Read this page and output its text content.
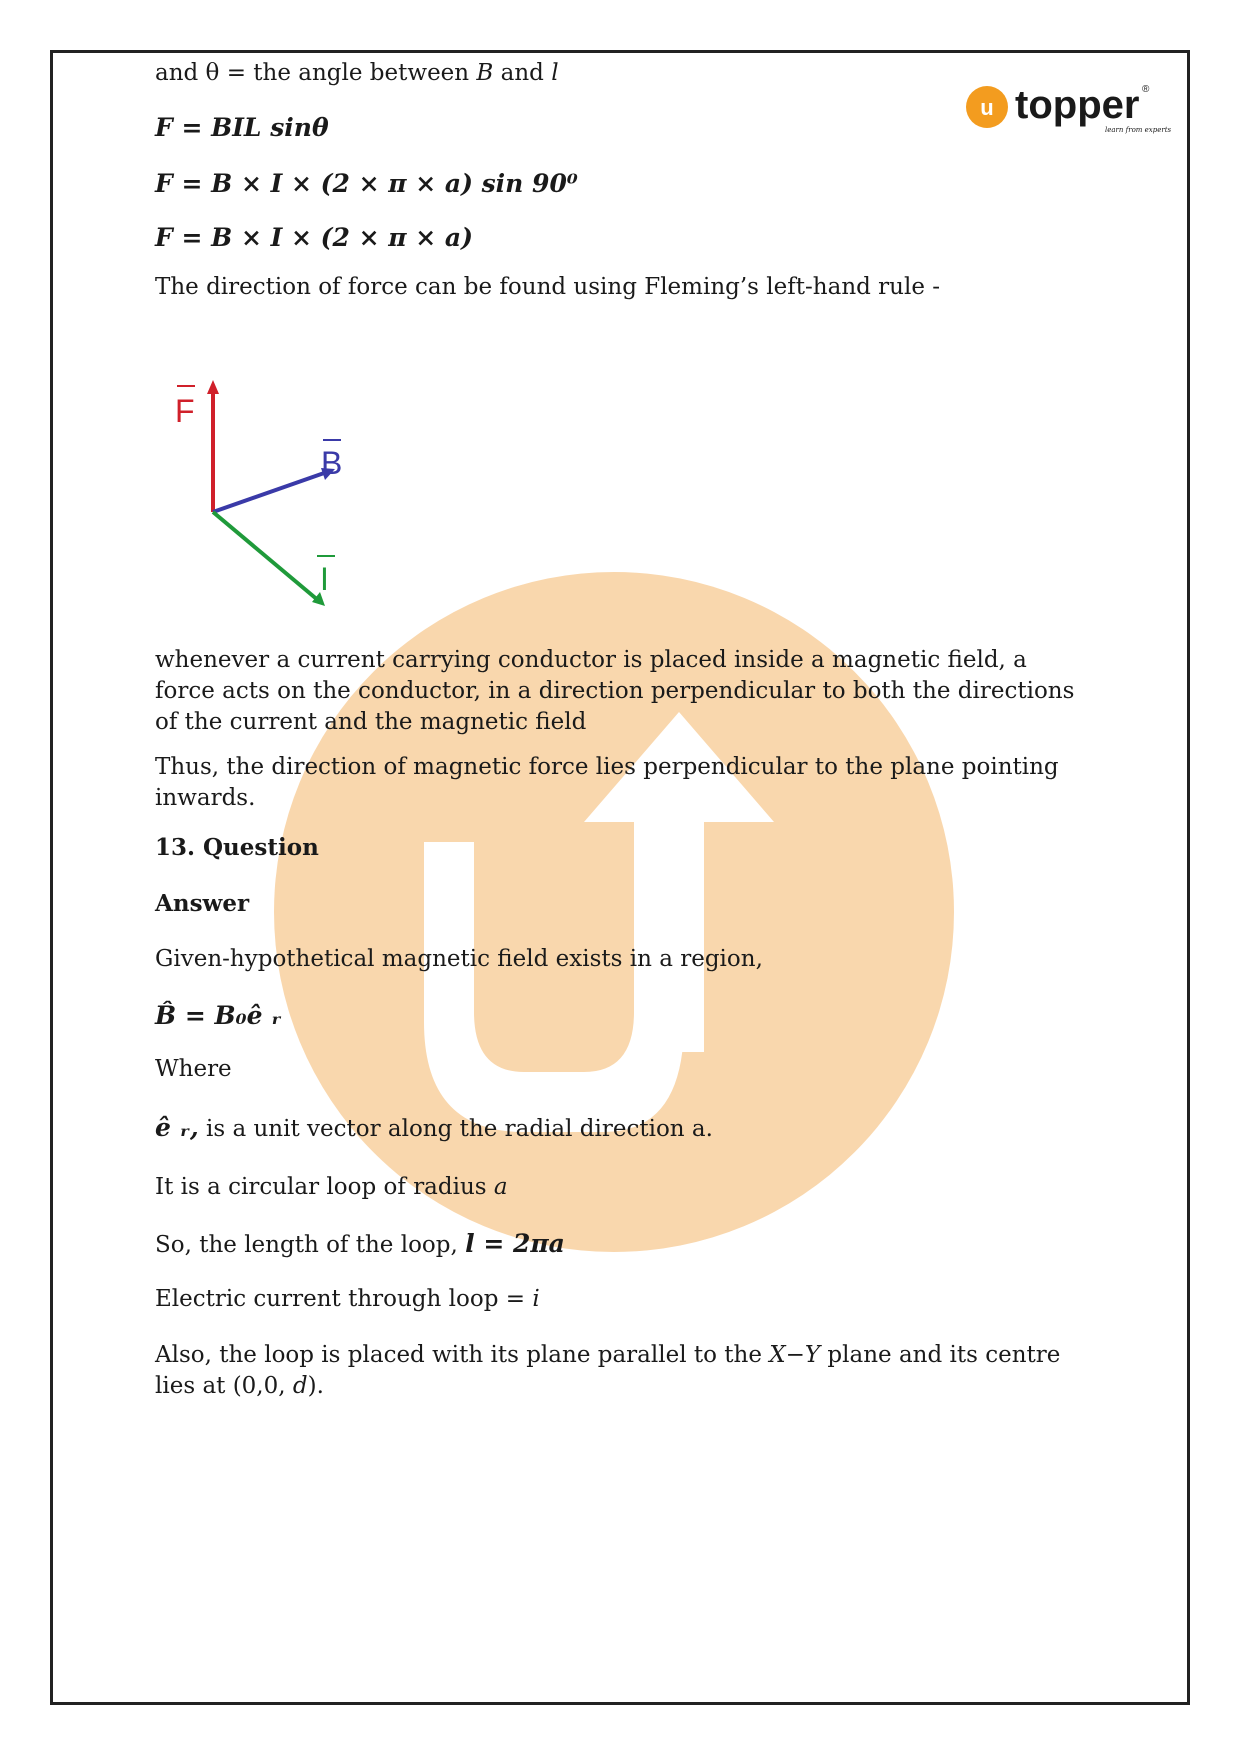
u topper ®
learn from experts

and θ = the angle between B and l

F = BIL sinθ

F = B × I × (2 × π × a) sin 90⁰

F = B × I × (2 × π × a)

The direction of force can be found using Fleming’s left-hand rule -

F
B
I

whenever a current carrying conductor is placed inside a magnetic field, a force acts on the conductor, in a direction perpendicular to both the directions of the current and the magnetic field

Thus, the direction of magnetic force lies perpendicular to the plane pointing inwards.

13. Question

Answer

Given-hypothetical magnetic field exists in a region,

B̂ = B₀ê ᵣ

Where

ê ᵣ, is a unit vector along the radial direction a.

It is a circular loop of radius a

So, the length of the loop, l = 2πa

Electric current through loop = i

Also, the loop is placed with its plane parallel to the X−Y plane and its centre lies at (0,0, d).
